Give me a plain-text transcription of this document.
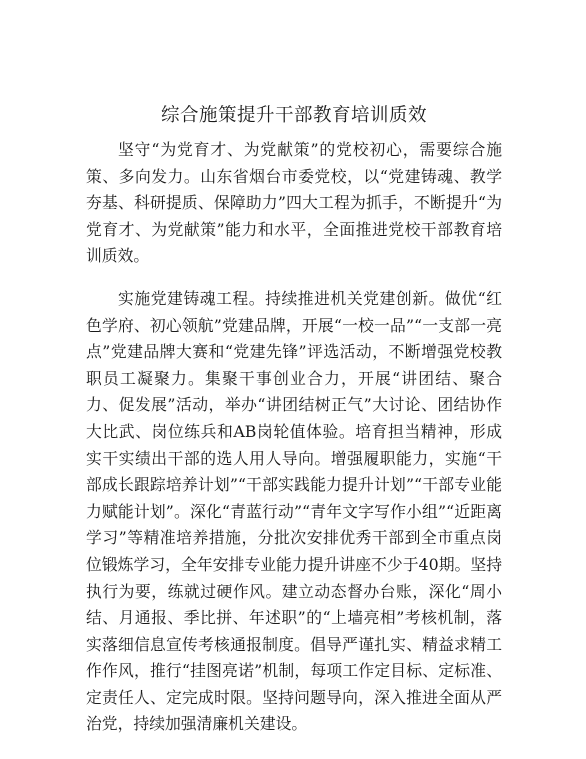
综合施策提升干部教育培训质效

坚守“为党育才、为党献策”的党校初心，需要综合施策、多向发力。山东省烟台市委党校，以“党建铸魂、教学夯基、科研提质、保障助力”四大工程为抓手，不断提升“为党育才、为党献策”能力和水平，全面推进党校干部教育培训质效。

实施党建铸魂工程。持续推进机关党建创新。做优“红色学府、初心领航”党建品牌，开展“一校一品”“一支部一亮点”党建品牌大赛和“党建先锋”评选活动，不断增强党校教职员工凝聚力。集聚干事创业合力，开展“讲团结、聚合力、促发展”活动，举办“讲团结树正气”大讨论、团结协作大比武、岗位练兵和AB岗轮值体验。培育担当精神，形成实干实绩出干部的选人用人导向。增强履职能力，实施“干部成长跟踪培养计划”“干部实践能力提升计划”“干部专业能力赋能计划”。深化“青蓝行动”“青年文字写作小组”“近距离学习”等精准培养措施，分批次安排优秀干部到全市重点岗位锻炼学习，全年安排专业能力提升讲座不少于40期。坚持执行为要，练就过硬作风。建立动态督办台账，深化“周小结、月通报、季比拼、年述职”的“上墙亮相”考核机制，落实落细信息宣传考核通报制度。倡导严谨扎实、精益求精工作作风，推行“挂图亮诺”机制，每项工作定目标、定标准、定责任人、定完成时限。坚持问题导向，深入推进全面从严治党，持续加强清廉机关建设。
